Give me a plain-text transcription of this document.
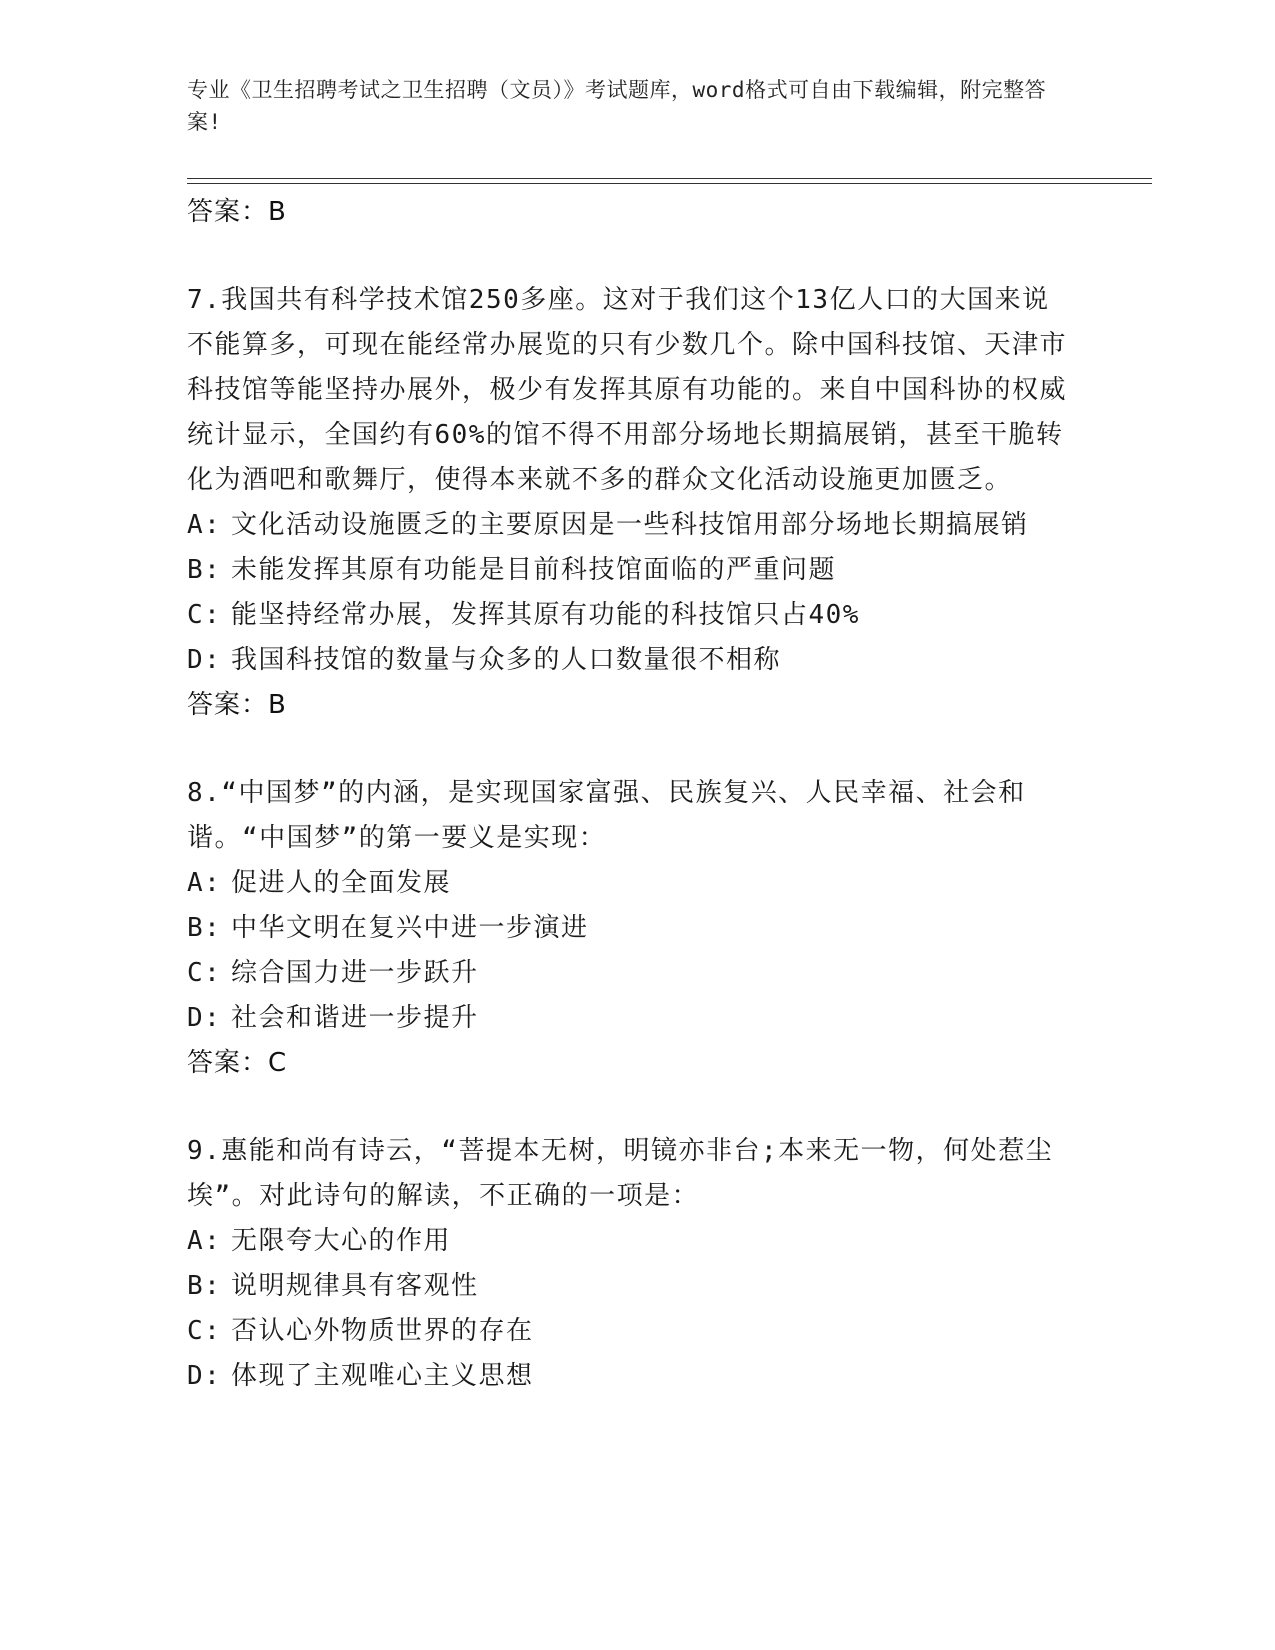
专业《卫生招聘考试之卫生招聘（文员）》考试题库，word格式可自由下载编辑，附完整答案!
答案：B
7.我国共有科学技术馆250多座。这对于我们这个13亿人口的大国来说不能算多，可现在能经常办展览的只有少数几个。除中国科技馆、天津市科技馆等能坚持办展外，极少有发挥其原有功能的。来自中国科协的权威统计显示，全国约有60%的馆不得不用部分场地长期搞展销，甚至干脆转化为酒吧和歌舞厅，使得本来就不多的群众文化活动设施更加匮乏。
A: 文化活动设施匮乏的主要原因是一些科技馆用部分场地长期搞展销
B: 未能发挥其原有功能是目前科技馆面临的严重问题
C: 能坚持经常办展，发挥其原有功能的科技馆只占40%
D: 我国科技馆的数量与众多的人口数量很不相称
答案：B
8.“中国梦”的内涵，是实现国家富强、民族复兴、人民幸福、社会和谐。“中国梦”的第一要义是实现：
A: 促进人的全面发展
B: 中华文明在复兴中进一步演进
C: 综合国力进一步跃升
D: 社会和谐进一步提升
答案：C
9.惠能和尚有诗云，“菩提本无树，明镜亦非台;本来无一物，何处惹尘埃”。对此诗句的解读，不正确的一项是：
A: 无限夸大心的作用
B: 说明规律具有客观性
C: 否认心外物质世界的存在
D: 体现了主观唯心主义思想
